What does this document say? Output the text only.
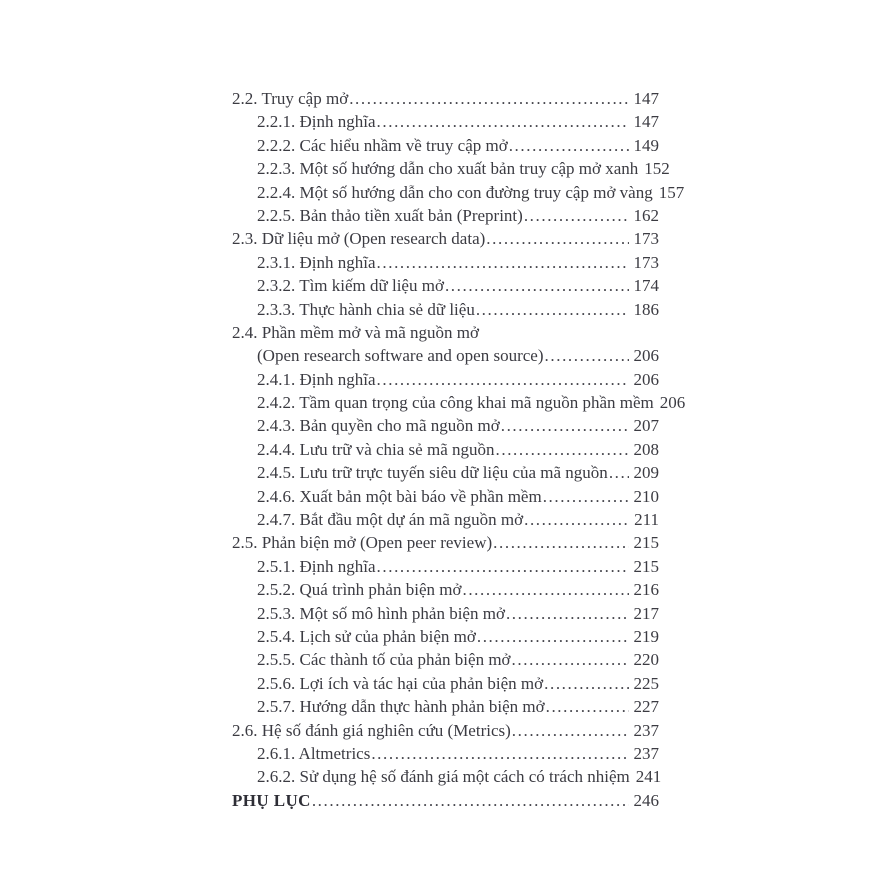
2.2. Truy cập mở .....	147
2.2.1. Định nghĩa .....	147
2.2.2. Các hiểu nhầm về truy cập mở .....	149
2.2.3. Một số hướng dẫn cho xuất bản truy cập mở xanh 152
2.2.4. Một số hướng dẫn cho con đường truy cập mở vàng 157
2.2.5. Bản thảo tiền xuất bản (Preprint) .....	162
2.3. Dữ liệu mở (Open research data) .....	173
2.3.1. Định nghĩa .....	173
2.3.2. Tìm kiếm dữ liệu mở .....	174
2.3.3. Thực hành chia sẻ dữ liệu .....	186
2.4. Phần mềm mở và mã nguồn mở
(Open research software and open source) .....	206
2.4.1. Định nghĩa .....	206
2.4.2. Tầm quan trọng của công khai mã nguồn phần mềm 206
2.4.3. Bản quyền cho mã nguồn mở .....	207
2.4.4. Lưu trữ và chia sẻ mã nguồn .....	208
2.4.5. Lưu trữ trực tuyến siêu dữ liệu của mã nguồn ..... 209
2.4.6. Xuất bản một bài báo về phần mềm .....	210
2.4.7. Bắt đầu một dự án mã nguồn mở .....	211
2.5. Phản biện mở (Open peer review) .....	215
2.5.1. Định nghĩa .....	215
2.5.2. Quá trình phản biện mở .....	216
2.5.3. Một số mô hình phản biện mở .....	217
2.5.4. Lịch sử của phản biện mở .....	219
2.5.5. Các thành tố của phản biện mở .....	220
2.5.6. Lợi ích và tác hại của phản biện mở .....	225
2.5.7. Hướng dẫn thực hành phản biện mở .....	227
2.6. Hệ số đánh giá nghiên cứu (Metrics) .....	237
2.6.1. Altmetrics .....	237
2.6.2. Sử dụng hệ số đánh giá một cách có trách nhiệm 241
PHỤ LỤC .....	246
